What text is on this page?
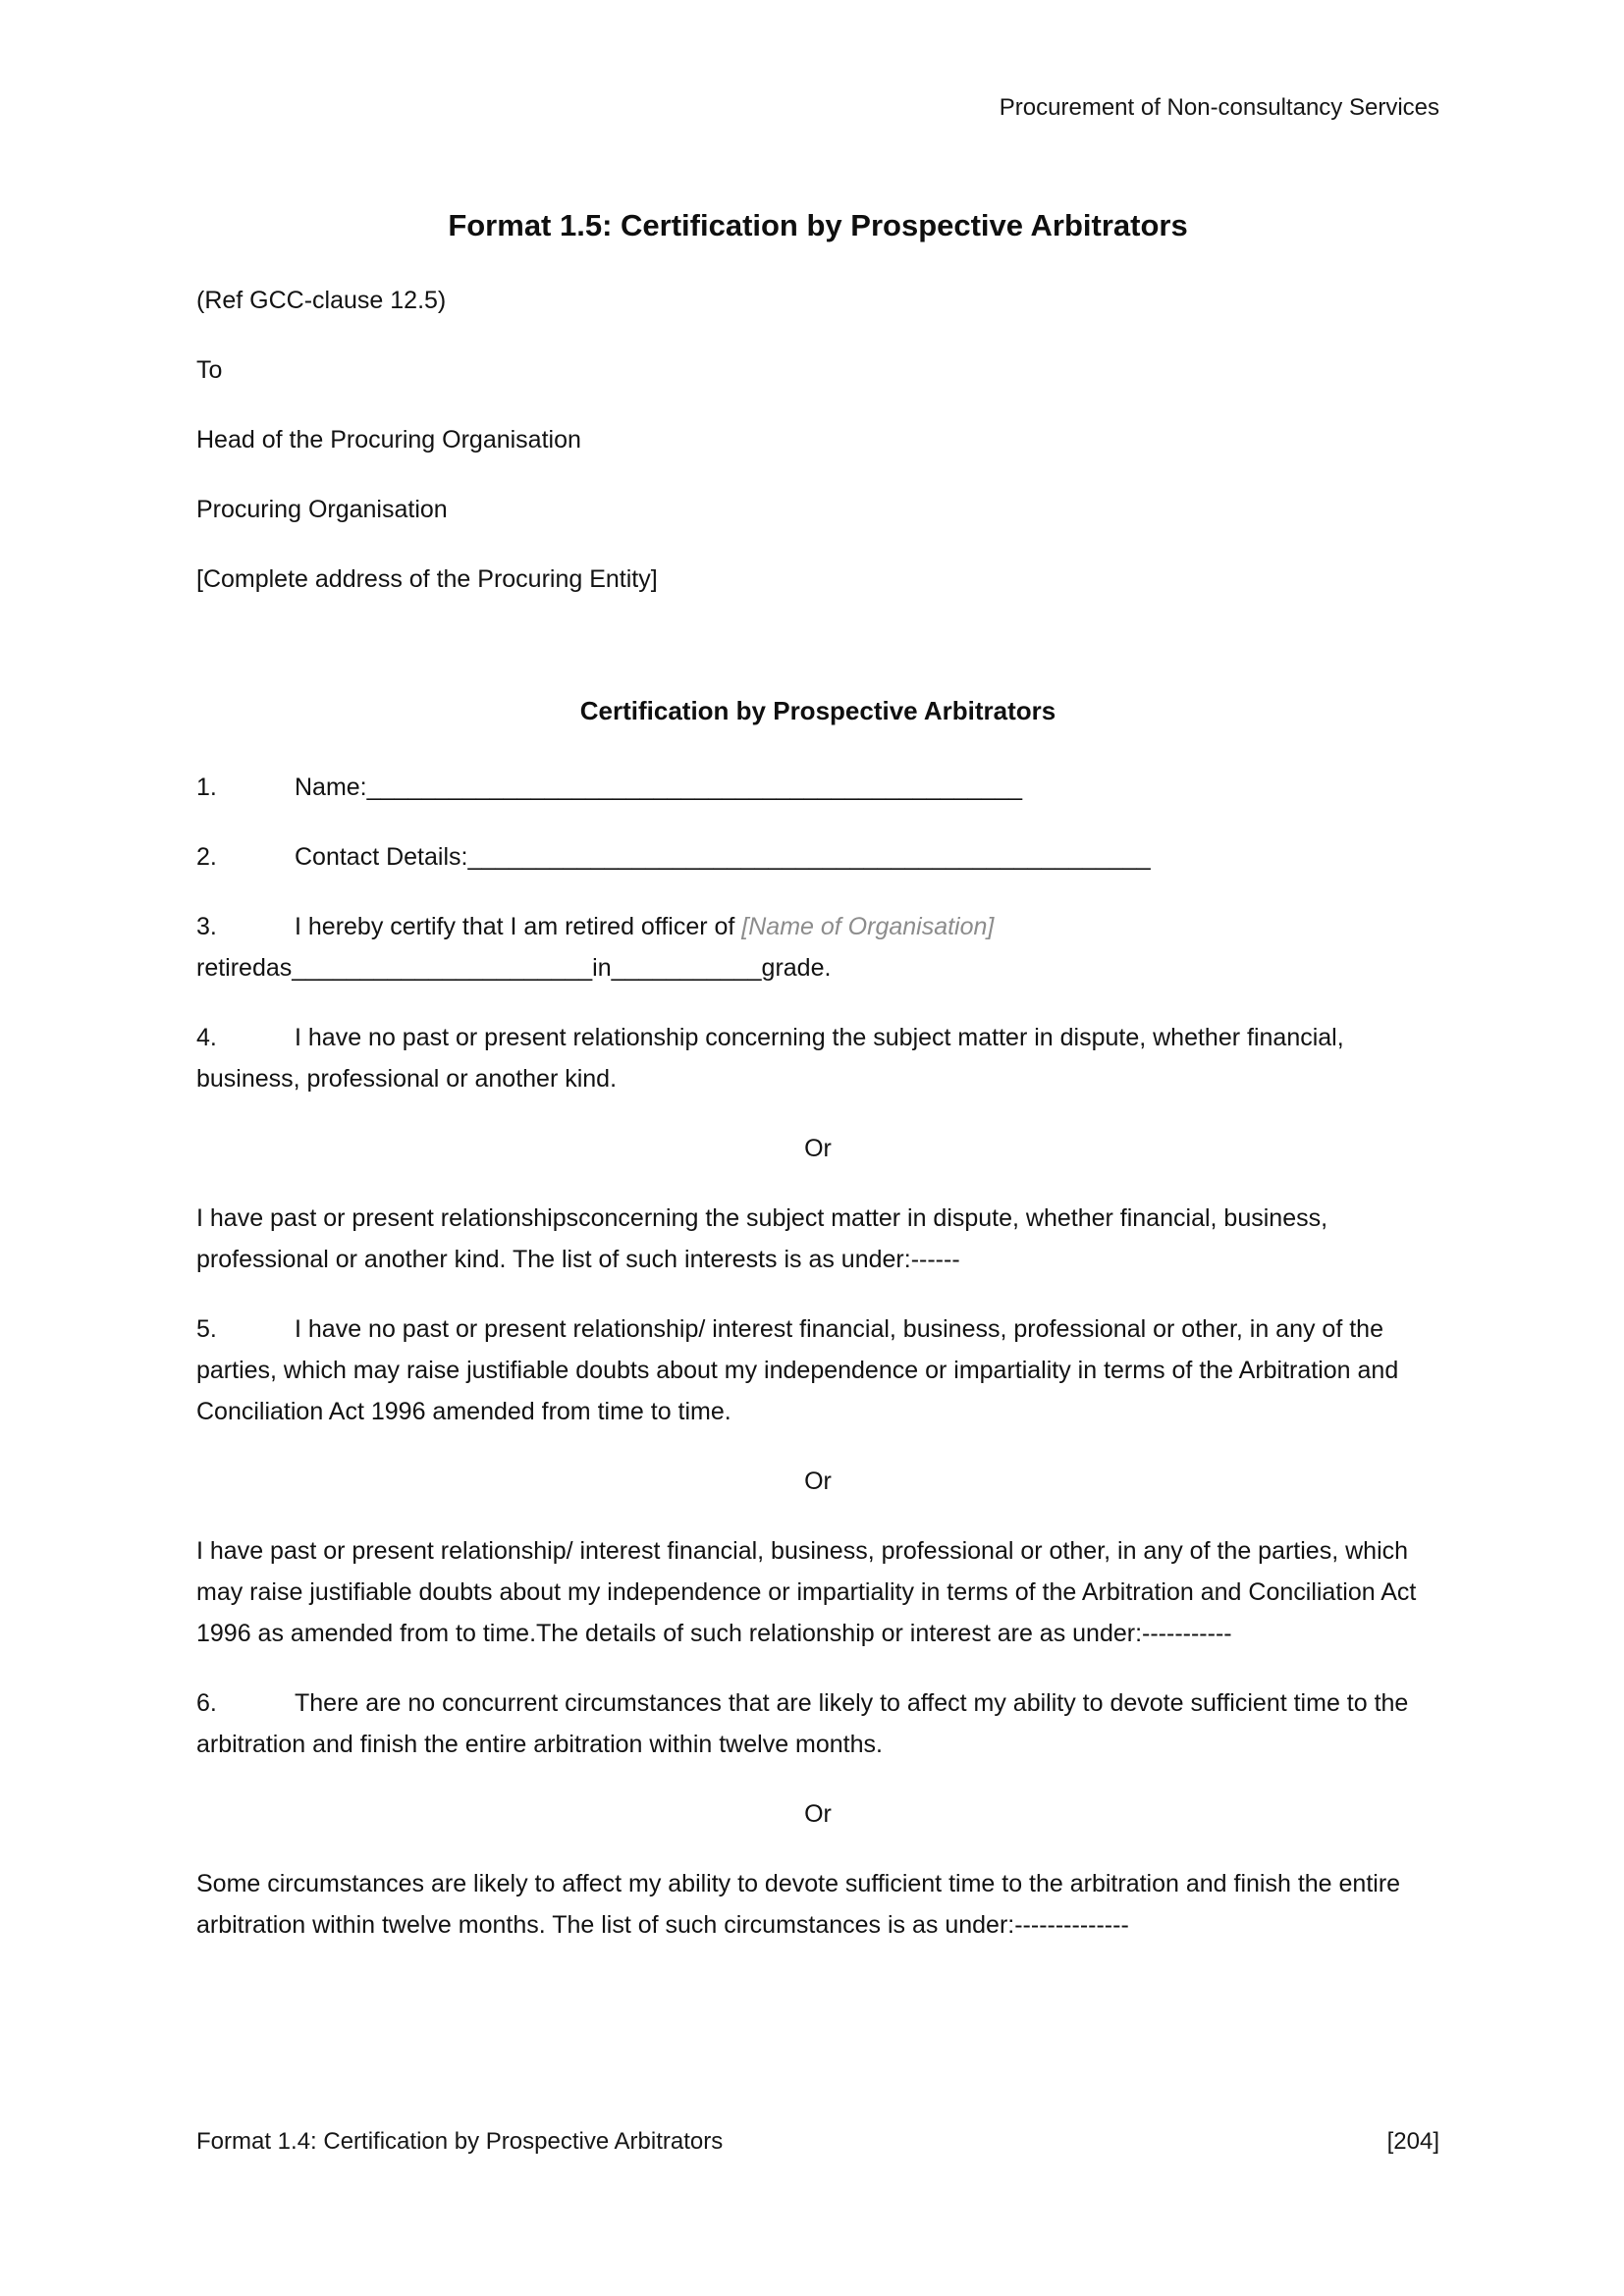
Procurement of Non-consultancy Services
Format 1.5: Certification by Prospective Arbitrators

(Ref GCC-clause 12.5)

To

Head of the Procuring Organisation

Procuring Organisation

[Complete address of the Procuring Entity]

Certification by Prospective Arbitrators

1.	Name:________________________________________________

2.	Contact Details:__________________________________________________

3.	I hereby certify that I am retired officer of [Name of Organisation] retiredas______________________in___________grade.

4.	I have no past or present relationship concerning the subject matter in dispute, whether financial, business, professional or another kind.

Or

I have past or present relationshipsconcerning the subject matter in dispute, whether financial, business, professional or another kind. The list of such interests is as under:------

5.	I have no past or present relationship/ interest financial, business, professional or other, in any of the parties, which may raise justifiable doubts about my independence or impartiality in terms of the Arbitration and Conciliation Act 1996 amended from time to time.

Or

I have past or present relationship/ interest financial, business, professional or other, in any of the parties, which may raise justifiable doubts about my independence or impartiality in terms of the Arbitration and Conciliation Act 1996 as amended from to time.The details of such relationship or interest are as under:-----------

6.	There are no concurrent circumstances that are likely to affect my ability to devote sufficient time to the arbitration and finish the entire arbitration within twelve months.

Or

Some circumstances are likely to affect my ability to devote sufficient time to the arbitration and finish the entire arbitration within twelve months. The list of such circumstances is as under:--------------

Format 1.4: Certification by Prospective Arbitrators	[204]
